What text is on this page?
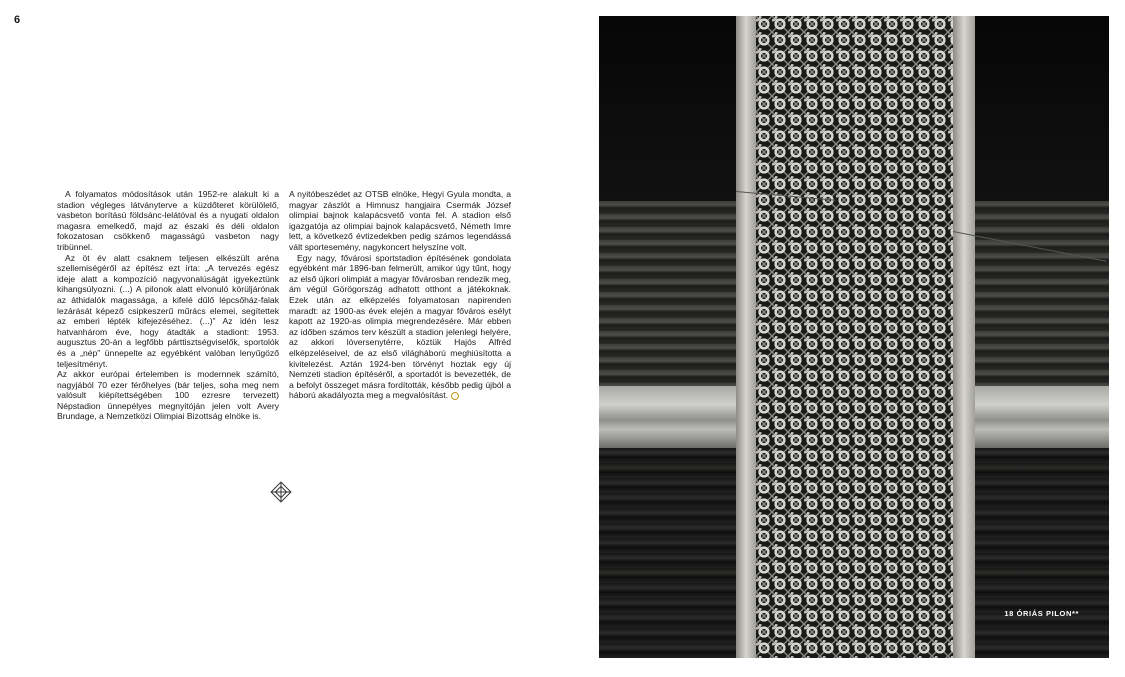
6

A folyamatos módosítások után 1952-re alakult ki a stadion végleges látványterve a küzdőteret körülölelő, vasbeton borítású földsánc-lelátóval és a nyugati oldalon magasra emelkedő, majd az északi és déli oldalon fokozatosan csökkenő magasságú vasbeton nagy tribünnel.

Az öt év alatt csaknem teljesen elkészült aréna szellemiségéről az építész ezt írta: „A tervezés egész ideje alatt a kompozíció nagyvonalúságát igyekeztünk kihangsúlyozni. (...) A pilonok alatt elvonuló körüljárónak az áthidalók magassága, a kifelé dűlő lépcsőház-falak lezárását képező csipkeszerű műrács elemei, segítettek az emberi lépték kifejezéséhez. (...)” Az idén lesz hatvanhárom éve, hogy átadták a stadiont: 1953. augusztus 20-án a legfőbb párttisztségviselők, sportolók és a „nép” ünnepelte az egyébként valóban lenyűgöző teljesítményt.

Az akkor európai értelemben is modernnek számító, nagyjából 70 ezer férőhelyes (bár teljes, soha meg nem valósult kiépítettségében 100 ezresre tervezett) Népstadion ünnepélyes megnyitóján jelen volt Avery Brundage, a Nemzetközi Olimpiai Bizottság elnöke is.

A nyitóbeszédet az OTSB elnöke, Hegyi Gyula mondta, a magyar zászlót a Himnusz hangjaira Csermák József olimpiai bajnok kalapácsvető vonta fel. A stadion első igazgatója az olimpiai bajnok kalapácsvető, Németh Imre lett, a következő évtizedekben pedig számos legendássá vált sportesemény, nagykoncert helyszíne volt.

Egy nagy, fővárosi sportstadion építésének gondolata egyébként már 1896-ban felmerült, amikor úgy tűnt, hogy az első újkori olimpiát a magyar fővárosban rendezik meg, ám végül Görögország adhatott otthont a játékoknak. Ezek után az elképzelés folyamatosan napirenden maradt: az 1900-as évek elején a magyar főváros esélyt kapott az 1920-as olimpia megrendezésére. Már ebben az időben számos terv készült a stadion jelenlegi helyére, az akkori lóversenytérre, köztük Hajós Alfréd elképzeléseivel, de az első világháború meghiúsította a kivitelezést. Aztán 1924-ben törvényt hoztak egy új Nemzeti stadion építéséről, a sportadót is bevezették, de a befolyt összeget másra fordították, később pedig újból a háború akadályozta meg a megvalósítást.

18 ÓRIÁS PILON**
